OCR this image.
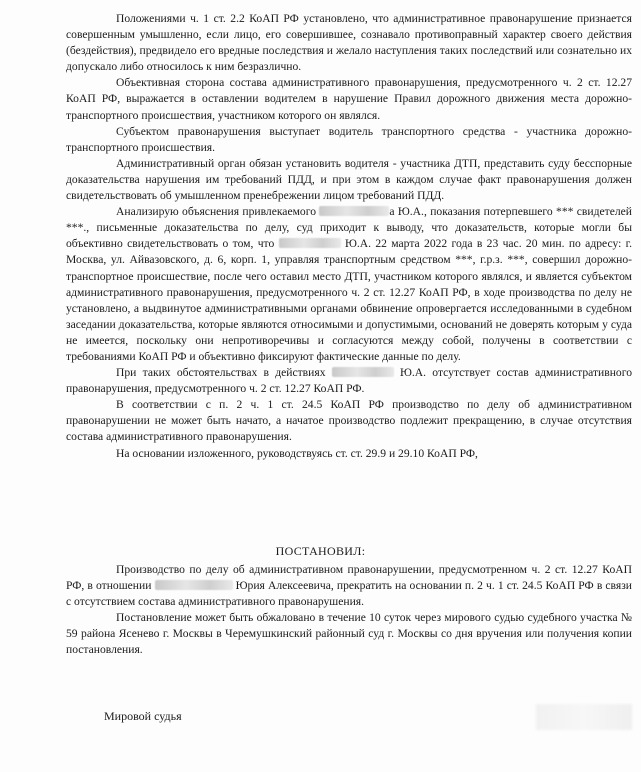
Положениями ч. 1 ст. 2.2 КоАП РФ установлено, что административное правонарушение признается совершенным умышленно, если лицо, его совершившее, сознавало противоправный характер своего действия (бездействия), предвидело его вредные последствия и желало наступления таких последствий или сознательно их допускало либо относилось к ним безразлично.

Объективная сторона состава административного правонарушения, предусмотренного ч. 2 ст. 12.27 КоАП РФ, выражается в оставлении водителем в нарушение Правил дорожного движения места дорожно-транспортного происшествия, участником которого он являлся.

Субъектом правонарушения выступает водитель транспортного средства - участника дорожно-транспортного происшествия.

Административный орган обязан установить водителя - участника ДТП, представить суду бесспорные доказательства нарушения им требований ПДД, и при этом в каждом случае факт правонарушения должен свидетельствовать об умышленном пренебрежении лицом требований ПДД.

Анализирую объяснения привлекаемого	а Ю.А., показания потерпевшего *** свидетелей ***., письменные доказательства по делу, суд приходит к выводу, что доказательств, которые могли бы объективно свидетельствовать о том, что	Ю.А. 22 марта 2022 года в 23 час. 20 мин. по адресу: г. Москва, ул. Айвазовского, д. 6, корп. 1, управляя транспортным средством ***, г.р.з. ***, совершил дорожно-транспортное происшествие, после чего оставил место ДТП, участником которого являлся, и является субъектом административного правонарушения, предусмотренного ч. 2 ст. 12.27 КоАП РФ, в ходе производства по делу не установлено, а выдвинутое административными органами обвинение опровергается исследованными в судебном заседании доказательства, которые являются относимыми и допустимыми, оснований не доверять которым у суда не имеется, поскольку они непротиворечивы и согласуются между собой, получены в соответствии с требованиями КоАП РФ и объективно фиксируют фактические данные по делу.

При таких обстоятельствах в действиях	Ю.А. отсутствует состав административного правонарушения, предусмотренного ч. 2 ст. 12.27 КоАП РФ.

В соответствии с п. 2 ч. 1 ст. 24.5 КоАП РФ производство по делу об административном правонарушении не может быть начато, а начатое производство подлежит прекращению, в случае отсутствия состава административного правонарушения.

На основании изложенного, руководствуясь ст. ст. 29.9 и 29.10 КоАП РФ,

ПОСТАНОВИЛ:

Производство по делу об административном правонарушении, предусмотренном ч. 2 ст. 12.27 КоАП РФ, в отношении	Юрия Алексеевича, прекратить на основании п. 2 ч. 1 ст. 24.5 КоАП РФ в связи с отсутствием состава административного правонарушения.

Постановление может быть обжаловано в течение 10 суток через мирового судью судебного участка № 59 района Ясенево г. Москвы в Черемушкинский районный суд г. Москвы со дня вручения или получения копии постановления.

Мировой судья
